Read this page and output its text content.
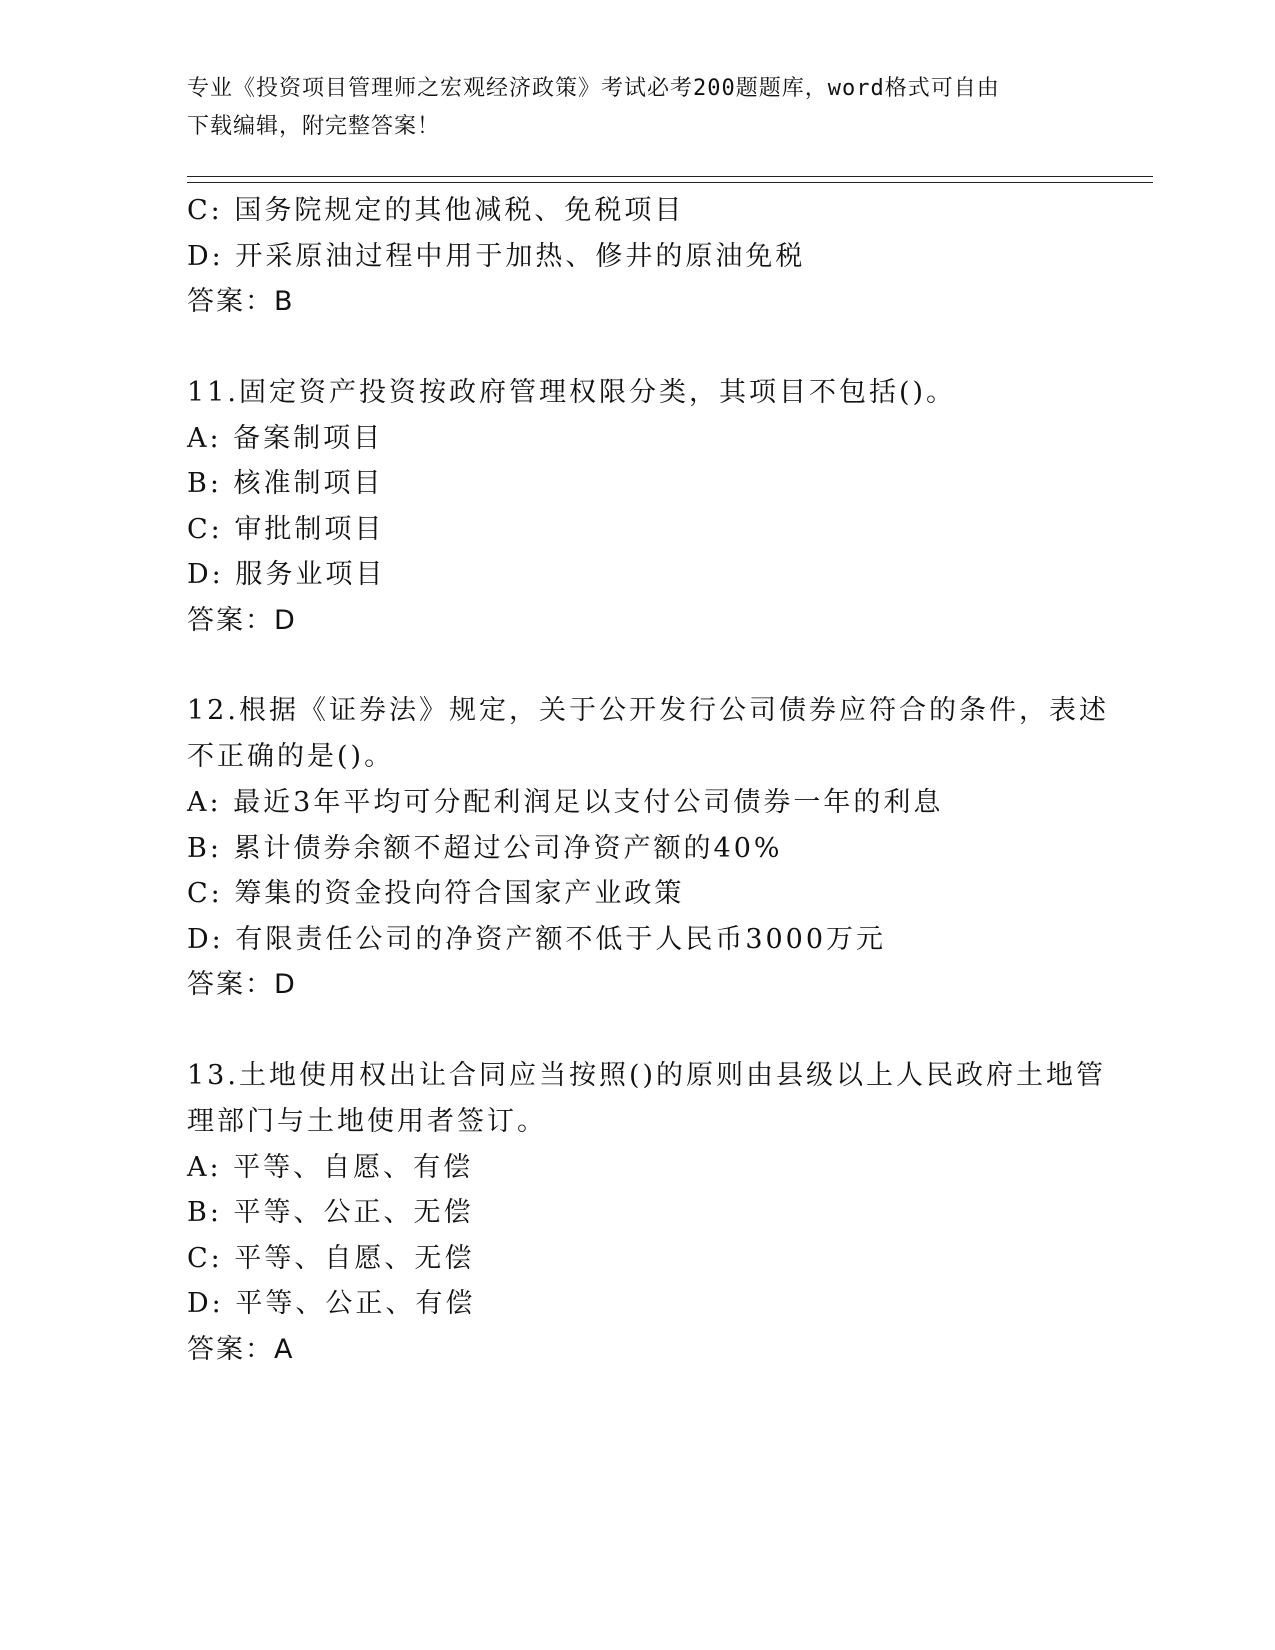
专业《投资项目管理师之宏观经济政策》考试必考200题题库，word格式可自由
下载编辑，附完整答案！
C: 国务院规定的其他减税、免税项目
D: 开采原油过程中用于加热、修井的原油免税
答案：B
11.固定资产投资按政府管理权限分类，其项目不包括()。
A: 备案制项目
B: 核准制项目
C: 审批制项目
D: 服务业项目
答案：D
12.根据《证券法》规定，关于公开发行公司债券应符合的条件，表述
不正确的是()。
A: 最近3年平均可分配利润足以支付公司债券一年的利息
B: 累计债券余额不超过公司净资产额的40%
C: 筹集的资金投向符合国家产业政策
D: 有限责任公司的净资产额不低于人民币3000万元
答案：D
13.土地使用权出让合同应当按照()的原则由县级以上人民政府土地管
理部门与土地使用者签订。
A: 平等、自愿、有偿
B: 平等、公正、无偿
C: 平等、自愿、无偿
D: 平等、公正、有偿
答案：A
